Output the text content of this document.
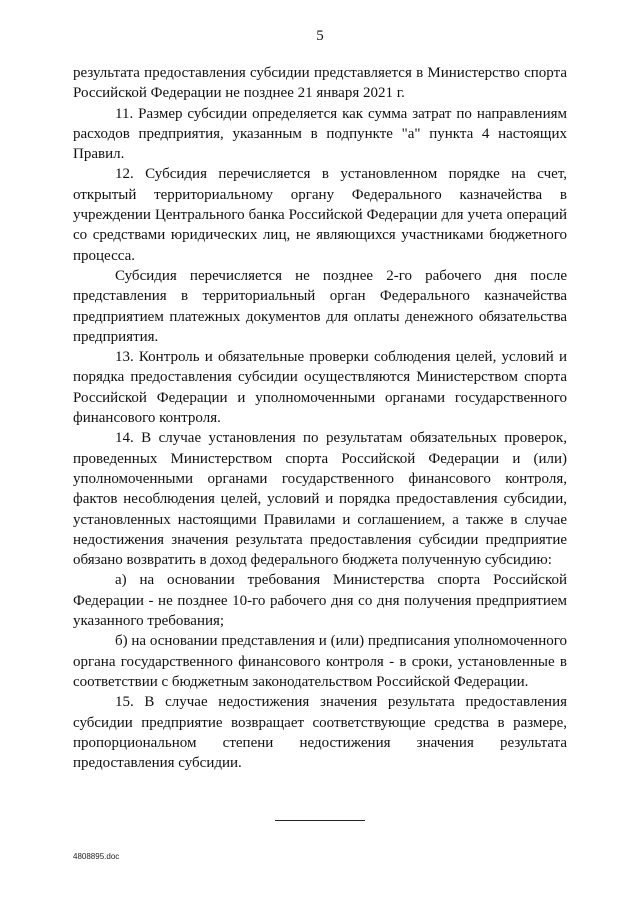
5

результата предоставления субсидии представляется в Министерство спорта Российской Федерации не позднее 21 января 2021 г.

11. Размер субсидии определяется как сумма затрат по направлениям расходов предприятия, указанным в подпункте "а" пункта 4 настоящих Правил.

12. Субсидия перечисляется в установленном порядке на счет, открытый территориальному органу Федерального казначейства в учреждении Центрального банка Российской Федерации для учета операций со средствами юридических лиц, не являющихся участниками бюджетного процесса.

Субсидия перечисляется не позднее 2-го рабочего дня после представления в территориальный орган Федерального казначейства предприятием платежных документов для оплаты денежного обязательства предприятия.

13. Контроль и обязательные проверки соблюдения целей, условий и порядка предоставления субсидии осуществляются Министерством спорта Российской Федерации и уполномоченными органами государственного финансового контроля.

14. В случае установления по результатам обязательных проверок, проведенных Министерством спорта Российской Федерации и (или) уполномоченными органами государственного финансового контроля, фактов несоблюдения целей, условий и порядка предоставления субсидии, установленных настоящими Правилами и соглашением, а также в случае недостижения значения результата предоставления субсидии предприятие обязано возвратить в доход федерального бюджета полученную субсидию:

а) на основании требования Министерства спорта Российской Федерации - не позднее 10-го рабочего дня со дня получения предприятием указанного требования;

б) на основании представления и (или) предписания уполномоченного органа государственного финансового контроля - в сроки, установленные в соответствии с бюджетным законодательством Российской Федерации.

15. В случае недостижения значения результата предоставления субсидии предприятие возвращает соответствующие средства в размере, пропорциональном степени недостижения значения результата предоставления субсидии.

4808895.doc
